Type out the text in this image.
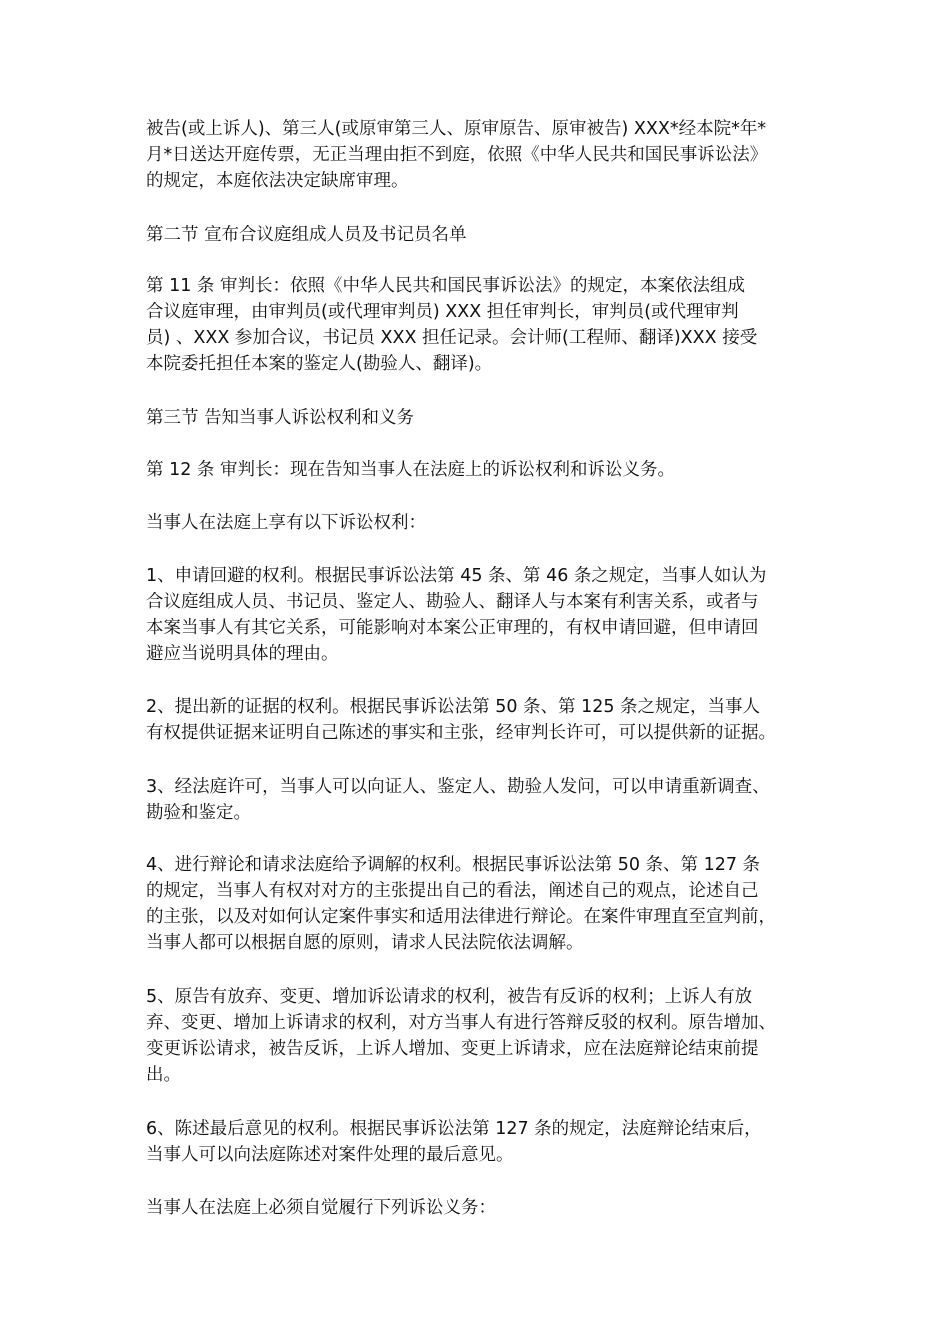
被告(或上诉人)、第三人(或原审第三人、原审原告、原审被告) XXX*经本院*年*
月*日送达开庭传票，无正当理由拒不到庭，依照《中华人民共和国民事诉讼法》
的规定，本庭依法决定缺席审理。
第二节 宣布合议庭组成人员及书记员名单
第 11 条 审判长：依照《中华人民共和国民事诉讼法》的规定，本案依法组成
合议庭审理，由审判员(或代理审判员) XXX 担任审判长，审判员(或代理审判
员) 、XXX 参加合议，书记员 XXX 担任记录。会计师(工程师、翻译)XXX 接受
本院委托担任本案的鉴定人(勘验人、翻译)。
第三节 告知当事人诉讼权利和义务
第 12 条 审判长：现在告知当事人在法庭上的诉讼权利和诉讼义务。
当事人在法庭上享有以下诉讼权利：
1、申请回避的权利。根据民事诉讼法第 45 条、第 46 条之规定，当事人如认为
合议庭组成人员、书记员、鉴定人、勘验人、翻译人与本案有利害关系，或者与
本案当事人有其它关系，可能影响对本案公正审理的，有权申请回避，但申请回
避应当说明具体的理由。
2、提出新的证据的权利。根据民事诉讼法第 50 条、第 125 条之规定，当事人
有权提供证据来证明自己陈述的事实和主张，经审判长许可，可以提供新的证据。
3、经法庭许可，当事人可以向证人、鉴定人、勘验人发问，可以申请重新调查、
勘验和鉴定。
4、进行辩论和请求法庭给予调解的权利。根据民事诉讼法第 50 条、第 127 条
的规定，当事人有权对对方的主张提出自己的看法，阐述自己的观点，论述自己
的主张，以及对如何认定案件事实和适用法律进行辩论。在案件审理直至宣判前，
当事人都可以根据自愿的原则，请求人民法院依法调解。
5、原告有放弃、变更、增加诉讼请求的权利，被告有反诉的权利；上诉人有放
弃、变更、增加上诉请求的权利，对方当事人有进行答辩反驳的权利。原告增加、
变更诉讼请求，被告反诉，上诉人增加、变更上诉请求，应在法庭辩论结束前提
出。
6、陈述最后意见的权利。根据民事诉讼法第 127 条的规定，法庭辩论结束后，
当事人可以向法庭陈述对案件处理的最后意见。
当事人在法庭上必须自觉履行下列诉讼义务：
